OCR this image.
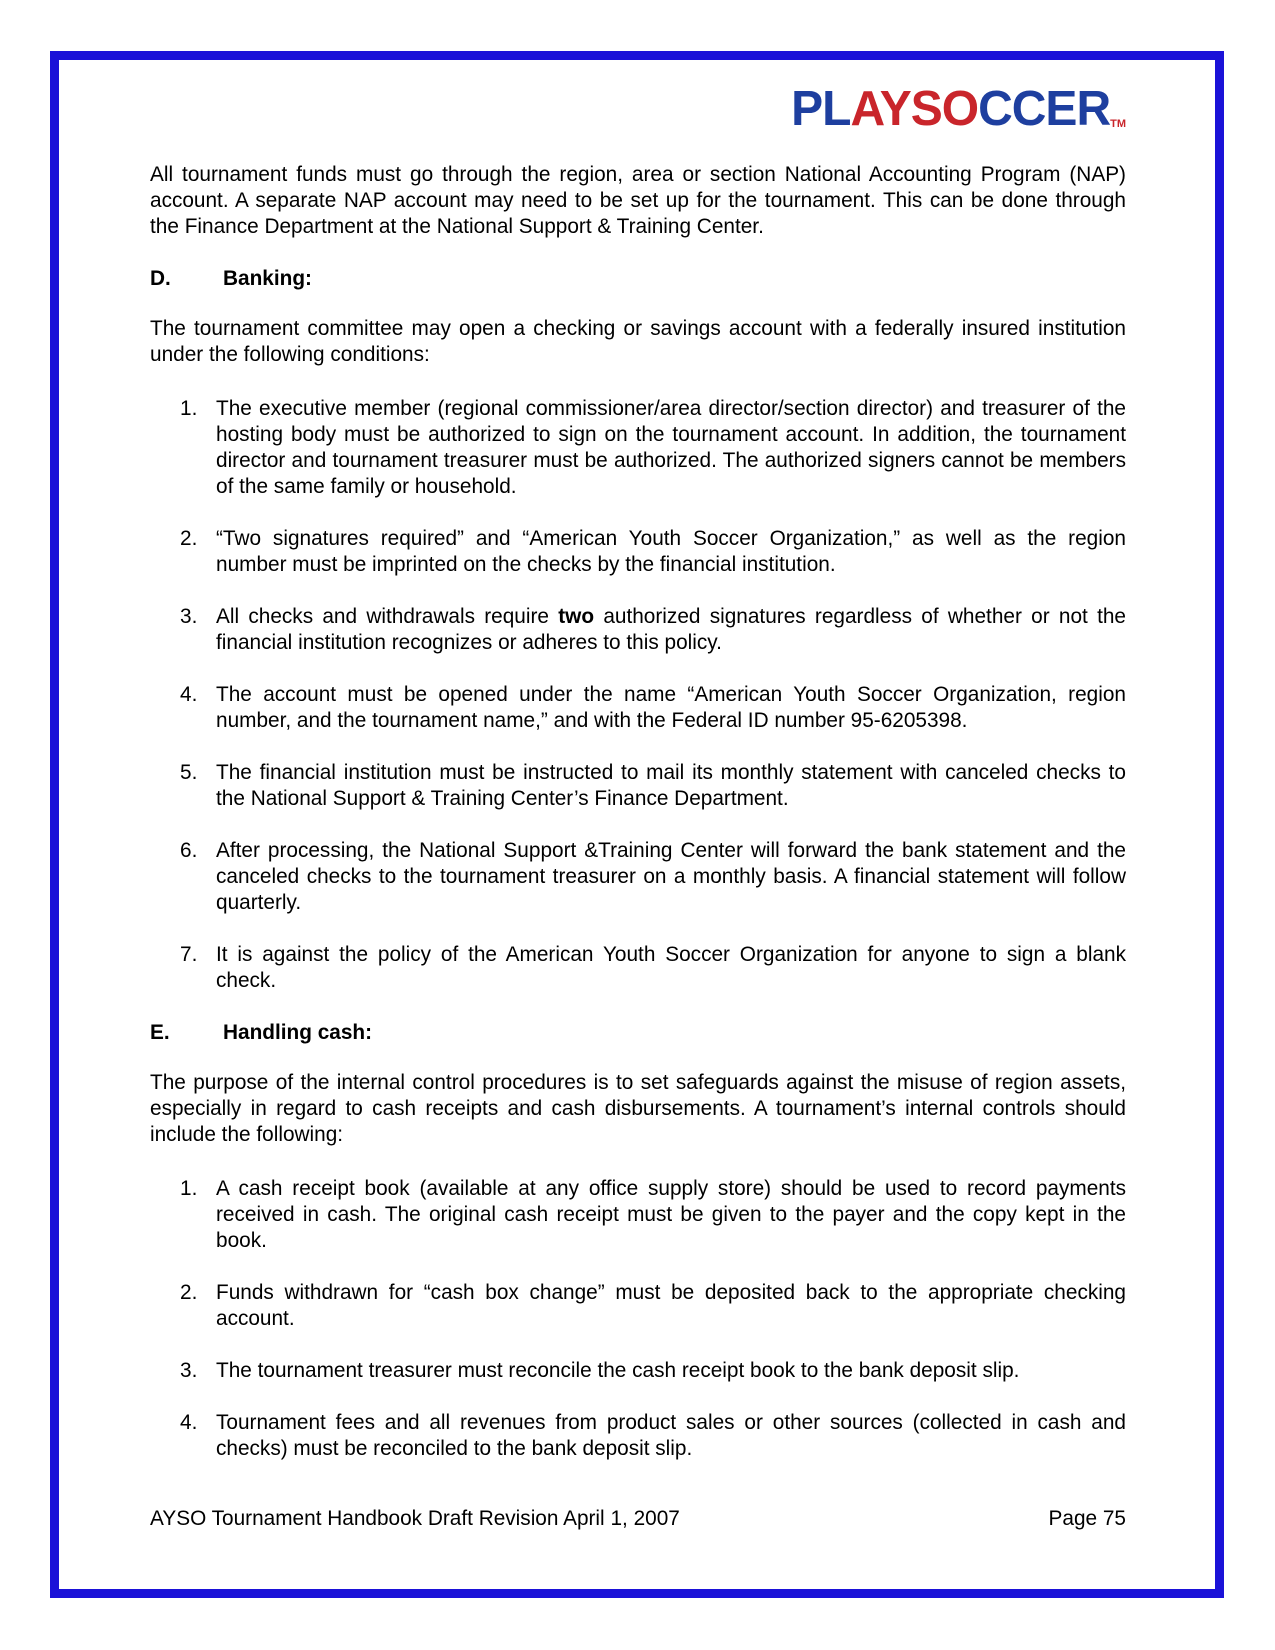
PLAYSOCCERTM

All tournament funds must go through the region, area or section National Accounting Program (NAP) account. A separate NAP account may need to be set up for the tournament. This can be done through the Finance Department at the National Support & Training Center.

D.	Banking:

The tournament committee may open a checking or savings account with a federally insured institution under the following conditions:

1. The executive member (regional commissioner/area director/section director) and treasurer of the hosting body must be authorized to sign on the tournament account. In addition, the tournament director and tournament treasurer must be authorized. The authorized signers cannot be members of the same family or household.
2. “Two signatures required” and “American Youth Soccer Organization,” as well as the region number must be imprinted on the checks by the financial institution.
3. All checks and withdrawals require two authorized signatures regardless of whether or not the financial institution recognizes or adheres to this policy.
4. The account must be opened under the name “American Youth Soccer Organization, region number, and the tournament name,” and with the Federal ID number 95-6205398.
5. The financial institution must be instructed to mail its monthly statement with canceled checks to the National Support & Training Center’s Finance Department.
6. After processing, the National Support &Training Center will forward the bank statement and the canceled checks to the tournament treasurer on a monthly basis. A financial statement will follow quarterly.
7. It is against the policy of the American Youth Soccer Organization for anyone to sign a blank check.
E.	Handling cash:

The purpose of the internal control procedures is to set safeguards against the misuse of region assets, especially in regard to cash receipts and cash disbursements. A tournament’s internal controls should include the following:

1. A cash receipt book (available at any office supply store) should be used to record payments received in cash. The original cash receipt must be given to the payer and the copy kept in the book.
2. Funds withdrawn for “cash box change” must be deposited back to the appropriate checking account.
3. The tournament treasurer must reconcile the cash receipt book to the bank deposit slip.
4. Tournament fees and all revenues from product sales or other sources (collected in cash and checks) must be reconciled to the bank deposit slip.
AYSO Tournament Handbook Draft Revision April 1, 2007	Page 75
